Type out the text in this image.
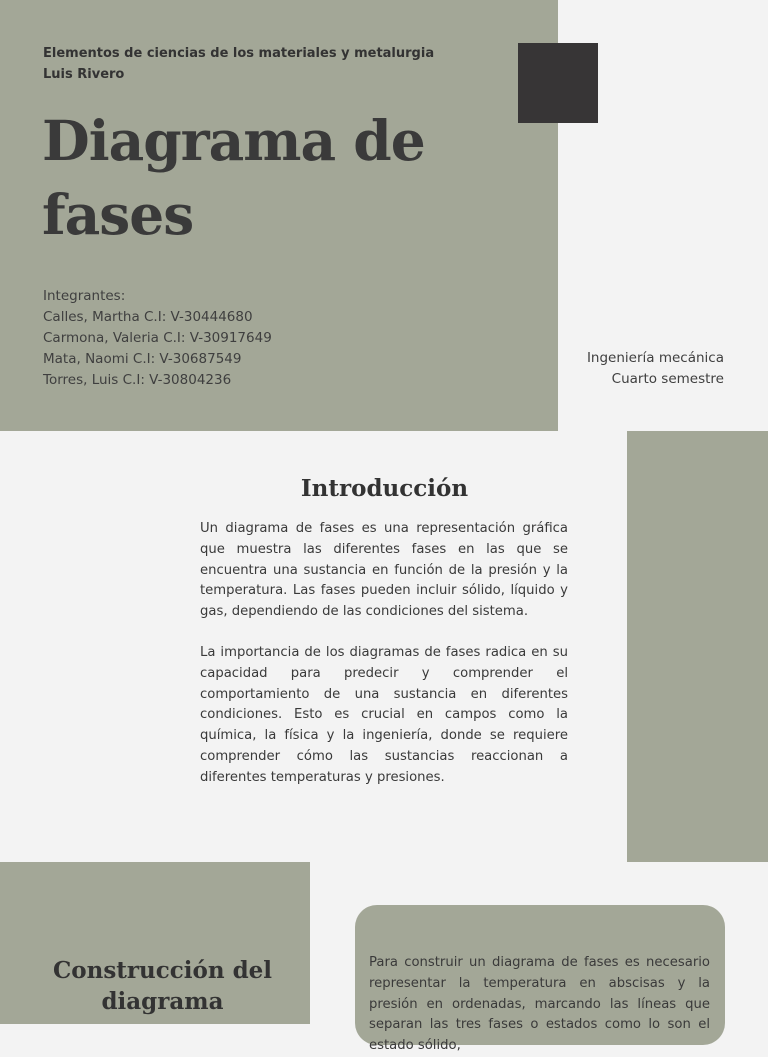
Elementos de ciencias de los materiales y metalurgia
Luis Rivero
Diagrama de fases
Integrantes:
Calles, Martha C.I: V-30444680
Carmona, Valeria C.I: V-30917649
Mata, Naomi C.I: V-30687549
Torres, Luis C.I: V-30804236
Ingeniería mecánica
Cuarto semestre
Introducción

Un diagrama de fases es una representación gráfica que muestra las diferentes fases en las que se encuentra una sustancia en función de la presión y la temperatura. Las fases pueden incluir sólido, líquido y gas, dependiendo de las condiciones del sistema.

La importancia de los diagramas de fases radica en su capacidad para predecir y comprender el comportamiento de una sustancia en diferentes condiciones. Esto es crucial en campos como la química, la física y la ingeniería, donde se requiere comprender cómo las sustancias reaccionan a diferentes temperaturas y presiones.

Construcción del diagrama

Para construir un diagrama de fases es necesario representar la temperatura en abscisas y la presión en ordenadas, marcando las líneas que separan las tres fases o estados como lo son el estado sólido,
